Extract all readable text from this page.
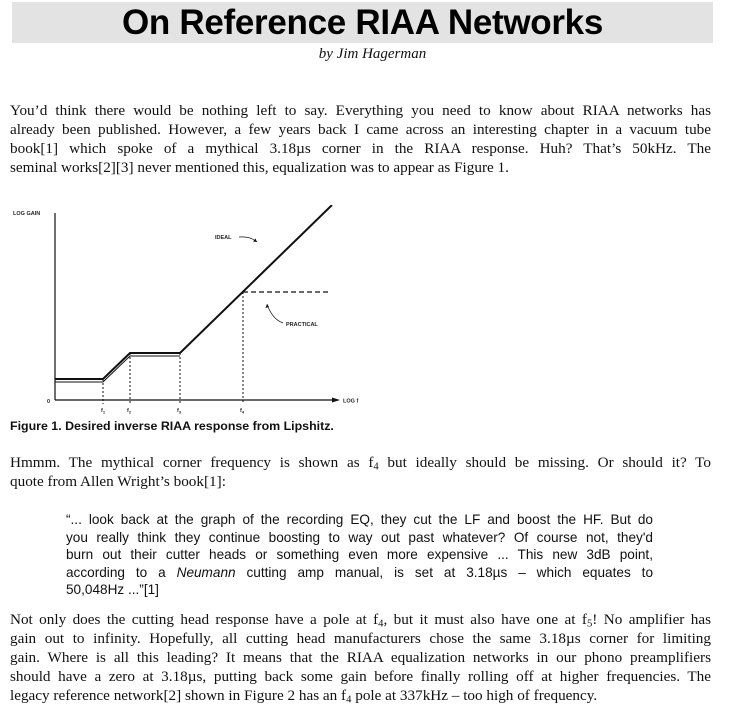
On Reference RIAA Networks
by Jim Hagerman

You’d think there would be nothing left to say. Everything you need to know about RIAA networks has
already been published. However, a few years back I came across an interesting chapter in a vacuum tube
book[1] which spoke of a mythical 3.18µs corner in the RIAA response. Huh? That’s 50kHz. The
seminal works[2][3] never mentioned this, equalization was to appear as Figure 1.

LOG GAIN
LOG f
0
$f_1$	$f_2$	$f_3$	$f_4$
IDEAL
PRACTICAL
Figure 1. Desired inverse RIAA response from Lipshitz.

Hmmm. The mythical corner frequency is shown as $f_4$ but ideally should be missing. Or should it? To
quote from Allen Wright’s book[1]:

“... look back at the graph of the recording EQ, they cut the LF and boost the HF. But do
you really think they continue boosting to way out past whatever? Of course not, they'd
burn out their cutter heads or something even more expensive ... This new 3dB point,
according to a Neumann cutting amp manual, is set at 3.18µs – which equates to
50,048Hz ...”[1]

Not only does the cutting head response have a pole at $f_4$, but it must also have one at $f_5$! No amplifier has
gain out to infinity. Hopefully, all cutting head manufacturers chose the same 3.18µs corner for limiting
gain. Where is all this leading? It means that the RIAA equalization networks in our phono preamplifiers
should have a zero at 3.18µs, putting back some gain before finally rolling off at higher frequencies. The
legacy reference network[2] shown in Figure 2 has an $f_4$ pole at 337kHz – too high of frequency.
